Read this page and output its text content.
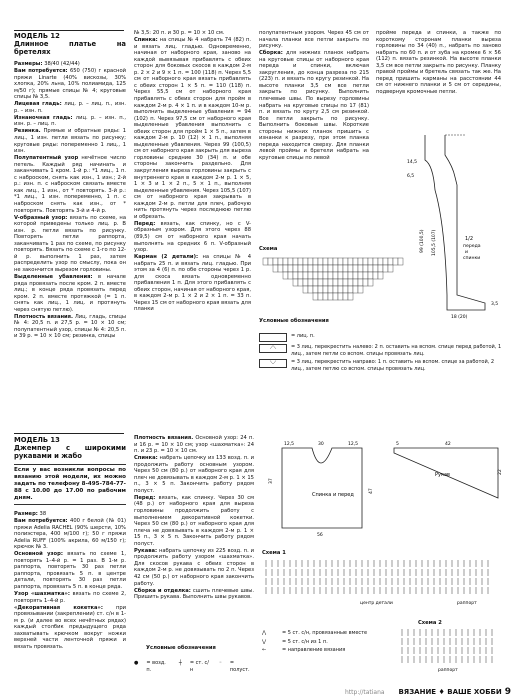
МОДЕЛЬ 12
Длинное платье на бретелях

Размеры: 38/40 (42/44)

Вам потребуется: 650 (750) г красной пряжи Linarte (40% вискозы, 30% хлопка, 20% льна, 10% полиамида, 125 м/50 г); прямые спицы № 4; круговые спицы № 3,5.

Лицевая гладь: лиц. р. – лиц. п., изн. р. – изн. п.

Изнаночная гладь: лиц. р. – изн. п., изн. р. – лиц. п.

Резинка. Прямые и обратные ряды: 1 лиц., 1 изн. петли вязать по рисунку; круговые ряды: попеременно 1 лиц., 1 изн.

Полупатентный узор нечётное число петель. Каждый ряд начинать и заканчивать 1 кром. 1-й р.: *1 лиц., 1 п. с наброском, снять как изн., 1 изн.; 2-й р.: изн. п. с наброском связать вместе как лиц., 1 изн., от * повторять. 3-й р.: *1 лиц., 1 изн. попеременно, 1 п. с наброском снять как изн., от * повторять. Повторять 3-й и 4-й р.

V-образный узор: вязать по схеме, на которой приведены только лиц. р. В изн. р. петли вязать по рисунку. Повторять петли раппорта, заканчивать 1 раз по схеме, по рисунку повторять. Вязать по схеме с 1-го по 12-й р. выполнить 1 раз, затем распределить узор по смыслу, пока он не закончится вырезом горловины.

Выделенные убавления: в начале ряда провязать после кром. 2 п. вместе лиц.; в конце ряда провязать перед кром. 2 п. вместе протяжкой (= 1 п. снять как лиц., 1 лиц. и протянуть через снятую петлю).

Плотность вязания. Лиц. гладь, спицы № 4: 20,5 п. и 27,5 р. = 10 × 10 см; полупатентный узор, спицы № 4: 20,5 п. и 39 р. = 10 × 10 см; резинка, спицы

№ 3,5: 20 п. и 30 р. = 10 × 10 см.

Спинка: на спицы № 4 набрать 74 (82) п. и вязать лиц. гладью. Одновременно, начиная от наборного края, заново на каждой вывязывая прибавлять с обеих сторон для боковых скосов в каждом 2-м р. 2 × 2 и 9 × 1 п. = 100 (118) п. Через 5,5 см от наборного края вязать прибавлять с обеих сторон 1 × 5 п. = 110 (118) п. Через 55,5 см от наборного края прибавлять с обеих сторон для пройм в каждом 2-м р. 4 × 1 п. и в каждом 10-м р. выполнить выделенные убавления = 94 (102) п. Через 97,5 см от наборного края выделенные убавления выполнить с обеих сторон для пройм 1 × 5 п., затем в каждом 2-м р. 10 (12) × 1 п., выполняя выделенные убавления. Через 99 (100,5) см от наборного края закрыть для выреза горловины средние 30 (34) п. и обе стороны закончить раздельно. Для закругления выреза горловины закрыть с внутреннего края в каждом 2-м р. 1 × 5, 1 × 3 и 1 × 2 п., 5 × 1 п., выполняя выделенные убавления. Через 105,5 (107) см от наборного края закрывать в каждом 2-м р. петли для плеч, рабочую нить протянуть через последнюю петлю и обрезать.

Перед: вязать, как спинку, но с V-образным узором. Для этого через 88 (89,5) см от наборного края начать выполнять на средних 6 п. V-образный узор.

Карман (2 детали): на спицы № 4 набрать 25 п. и вязать лиц. гладью. При этом за 4 (6) п. по обе стороны через 1 р. для скоса вязать одновременно прибавления 1 п. Для этого прибавлять с обеих сторон, начиная от наборного края, в каждом 2-м р. 1 × 2 и 2 × 1 п. = 33 п. Через 15 см от наборного края вязать для планки

полупатентным узором. Через 45 см от начала планки все петли закрыть по рисунку.

Сборка: для нижних планок набрать на круговые спицы от наборного края переда и спинки, включая закругления, до конца разреза по 215 (223) п. и вязать по кругу резинкой. На высоте планки 3,5 см все петли закрыть по рисунку. Выполнить плечевые швы. По вырезу горловины набрать на круговые спицы по 17 (81) п. и вязать по кругу 2,5 см резинкой. Все петли закрыть по рисунку. Выполнить боковые швы. Короткие стороны нижних планок пришить с изнанки к разрезу, при этом планка переда находится сверху. Для планки левой проймы и бретели набрать на круговые спицы по левой

пройме переда и спинки, а также по короткому сторонам планки выреза горловины по 34 (40) п., набрать по заново набрать по 60 п. и от зуба на кромке 6 × 56 (112) п. вязать резинкой. На высоте планки 3,5 см все петли закрыть по рисунку. Планку правой проймы и бретель связать так же. На перед пришить карманы на расстоянии 44 см от нижнего планки и 5 см от середины, подвернув кромочные петли.

1/2
переда
и
спинки
14,5
6,5
99 (100,5) 105,5 (107)
3,5
18 (20)
Схема
Условные обозначения
= лиц. п.
⟋⟍	= 3 лиц. перекрестить налево: 2 п. оставить на вспом. спице перед работой, 1 лиц., затем петли со вспом. спицы провязать лиц.
⟍⟋	= 3 лиц. перекрестить направо: 1 п. оставить на вспом. спице за работой, 2 лиц., затем петлю со вспом. спицы провязать лиц.
МОДЕЛЬ 13
Джемпер с широкими рукавами и жабо
Если у вас возникли вопросы по вязанию этой модели, их можно задать по телефону 8-495-784-77-88 с 10.00 до 17.00 по рабочим дням.

Размер: 38

Вам потребуется: 400 г белой (№ 01) пряжи Adelia RACHEL (90% шерсти, 10% полиэстера, 400 м/100 г); 50 г пряжи Adelia RUFF (100% акрила, 60 м/150 г); крючок № 3.

Основной узор: вязать по схеме 1, повторять 1–4-й р. = 1 раз. В 1-м р. раппорта, повторять 30 раз петли раппорта, провязать 5 п. в центре детали, повторять 30 раз петли раппорта, провязать 5 п. в конце ряда.

Узор «шахматка»: вязать по схеме 2, повторять 1–4-й р.

«Декоративная кокетка»: при провязывании (закреплении) ст. с/н в 1-м р. (и далее во всех нечётных рядах) каждый столбик предыдущего ряда захватывать крючком вокруг ножки верхней части ленточной пряжи и вязать провязать.

Плотность вязания. Основной узор: 24 п. и 16 р. = 10 × 10 см; узор «шахматка»: 24 п. и 23 р. = 10 × 10 см.

Спинка: набрать цепочку из 133 возд. п. и продолжить работу основным узором. Через 50 см (80 р.) от наборного края для плеч не довязывать в каждом 2-м р. 1 × 15 п., 3 × 5 п. Закончить работу рядом полуст.

Перед: вязать, как спинку. Через 30 см (48 р.) от наборного края для выреза горловины продолжить работу с выполнением декоративной кокетки. Через 50 см (80 р.) от наборного края для плеча не довязывать в каждом 2-м р. 1 × 15 п., 3 × 5 п. Закончить работу рядом полуст.

Рукава: набрать цепочку из 225 возд. п. и продолжить работу узором «шахматка». Для скосов рукава с обеих сторон в каждом 2-м р. не довязывать по 2 п. Через 42 см (50 р.) от наборного края закончить работу.

Сборка и отделка: сшить плечевые швы. Пришить рукава. Выполнить швы рукавов.

Условные обозначения
● = возд. п.
┼ = ст. с/н
◦ = полуст.
Спинка и перед
37
47
12,5	30	12,5
56
Рукав
5	42
22
Схема 1
центр детали	раппорт
Схема 2
раппорт
⋀	= 5 ст. с/н, провязанные вместе
⋁	= 5 ст. с/н из 1 п.
←	= направление вязания
http://tatiana ВЯЗАНИЕ ♦ ВАШЕ ХОББИ 9
